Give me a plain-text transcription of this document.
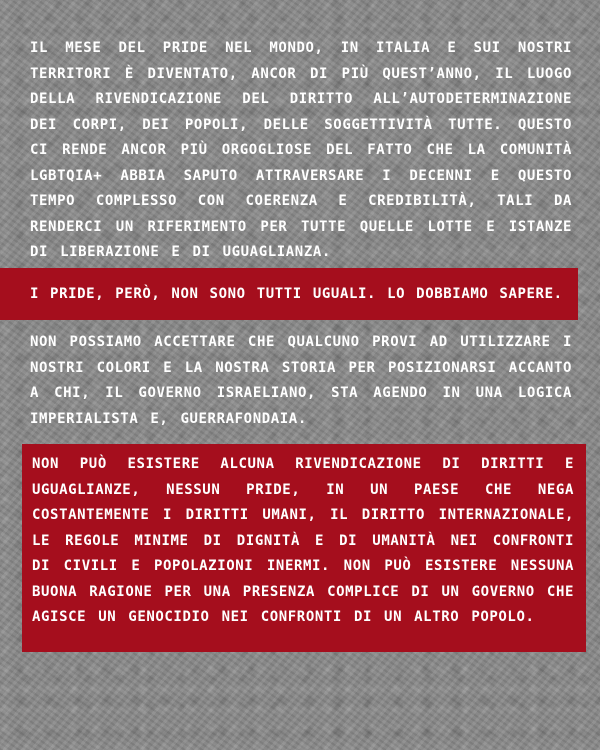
IL MESE DEL PRIDE NEL MONDO, IN ITALIA E SUI NOSTRI TERRITORI È DIVENTATO, ANCOR DI PIÙ QUEST’ANNO, IL LUOGO DELLA RIVENDICAZIONE DEL DIRITTO ALL’AUTODETERMINAZIONE DEI CORPI, DEI POPOLI, DELLE SOGGETTIVITÀ TUTTE. QUESTO CI RENDE ANCOR PIÙ ORGOGLIOSE DEL FATTO CHE LA COMUNITÀ LGBTQIA+ ABBIA SAPUTO ATTRAVERSARE I DECENNI E QUESTO TEMPO COMPLESSO CON COERENZA E CREDIBILITÀ, TALI DA RENDERCI UN RIFERIMENTO PER TUTTE QUELLE LOTTE E ISTANZE DI LIBERAZIONE E DI UGUAGLIANZA.
I PRIDE, PERÒ, NON SONO TUTTI UGUALI. LO DOBBIAMO SAPERE.
NON POSSIAMO ACCETTARE CHE QUALCUNO PROVI AD UTILIZZARE I NOSTRI COLORI E LA NOSTRA STORIA PER POSIZIONARSI ACCANTO A CHI, IL GOVERNO ISRAELIANO, STA AGENDO IN UNA LOGICA IMPERIALISTA E, GUERRAFONDAIA.
NON PUÒ ESISTERE ALCUNA RIVENDICAZIONE DI DIRITTI E UGUAGLIANZE, NESSUN PRIDE, IN UN PAESE CHE NEGA COSTANTEMENTE I DIRITTI UMANI, IL DIRITTO INTERNAZIONALE, LE REGOLE MINIME DI DIGNITÀ E DI UMANITÀ NEI CONFRONTI DI CIVILI E POPOLAZIONI INERMI. NON PUÒ ESISTERE NESSUNA BUONA RAGIONE PER UNA PRESENZA COMPLICE DI UN GOVERNO CHE AGISCE UN GENOCIDIO NEI CONFRONTI DI UN ALTRO POPOLO.
